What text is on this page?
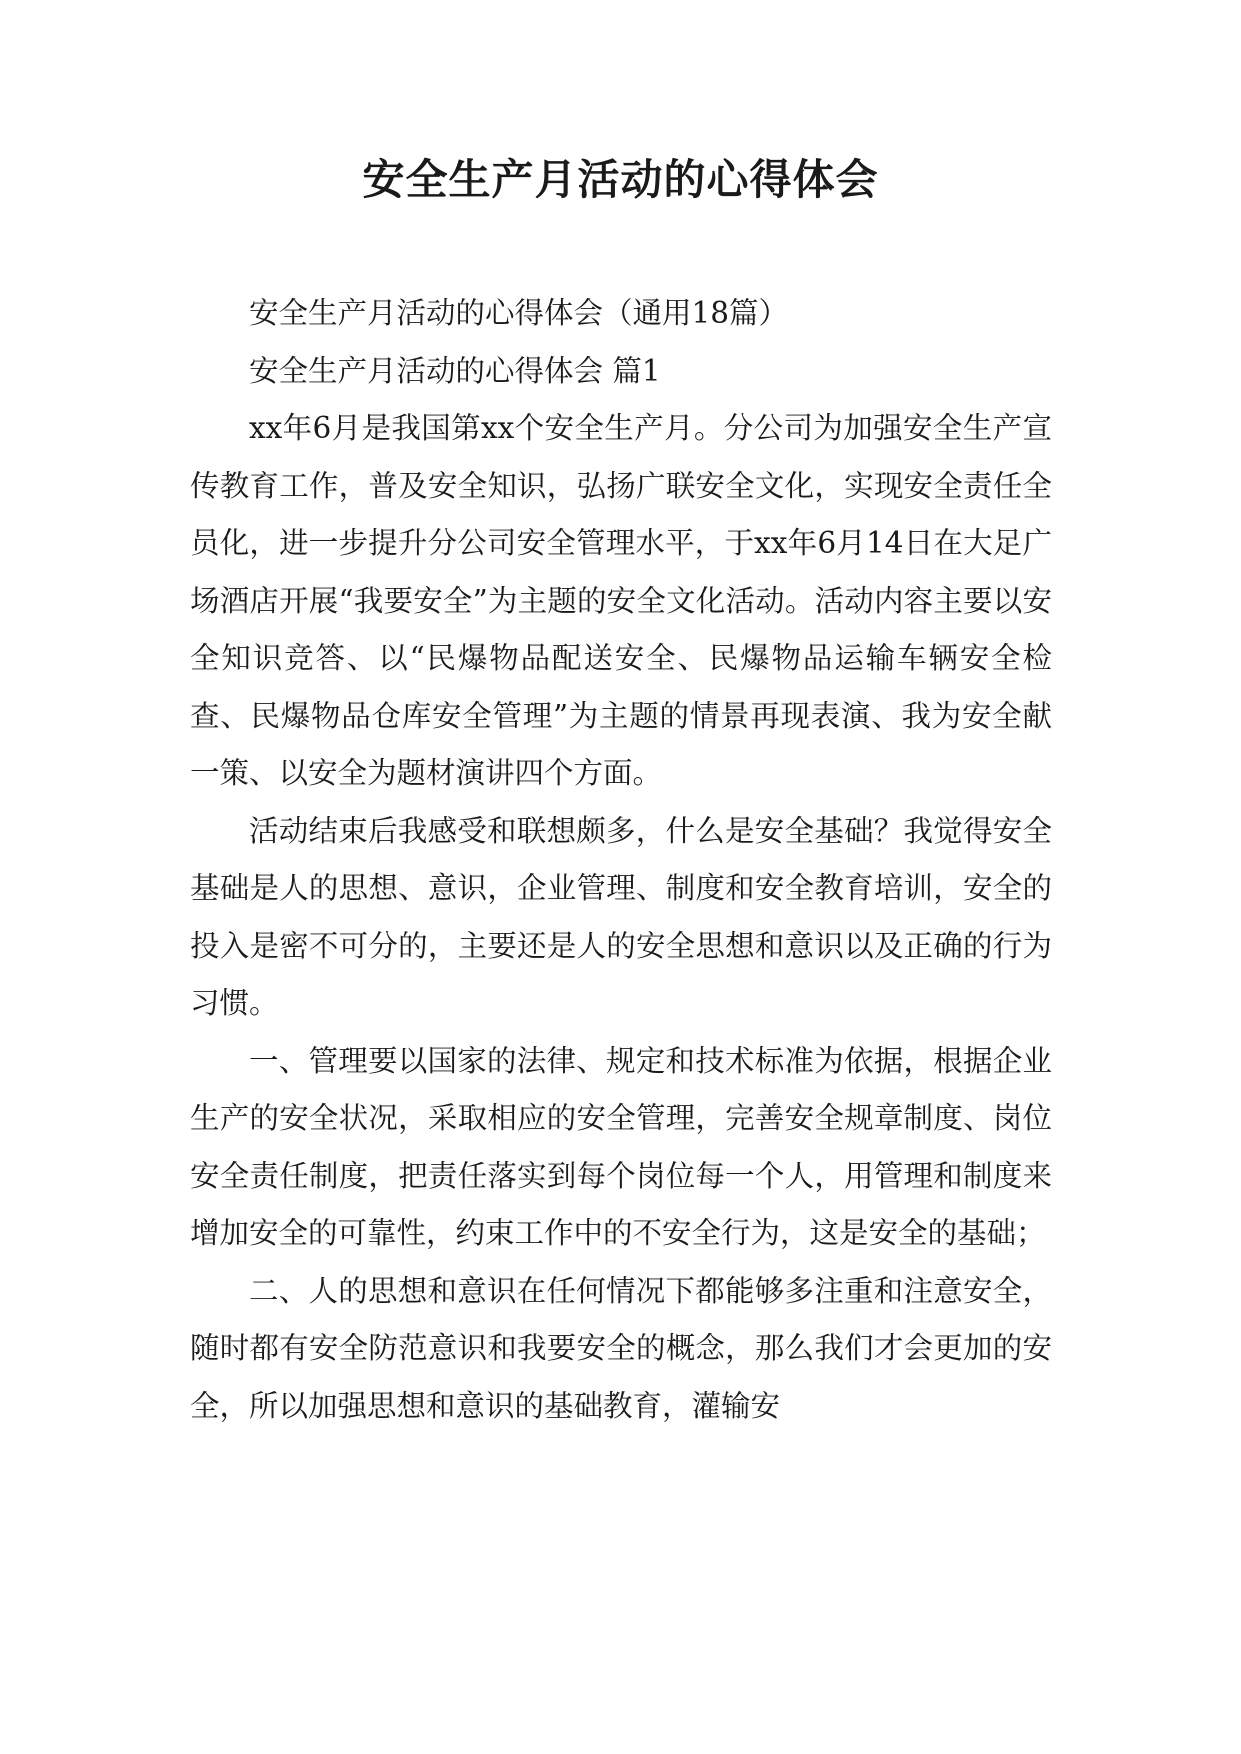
安全生产月活动的心得体会

安全生产月活动的心得体会（通用18篇）

安全生产月活动的心得体会 篇1

xx年6月是我国第xx个安全生产月。分公司为加强安全生产宣传教育工作，普及安全知识，弘扬广联安全文化，实现安全责任全员化，进一步提升分公司安全管理水平，于xx年6月14日在大足广场酒店开展“我要安全”为主题的安全文化活动。活动内容主要以安全知识竞答、以“民爆物品配送安全、民爆物品运输车辆安全检查、民爆物品仓库安全管理”为主题的情景再现表演、我为安全献一策、以安全为题材演讲四个方面。

活动结束后我感受和联想颇多，什么是安全基础？我觉得安全基础是人的思想、意识，企业管理、制度和安全教育培训，安全的投入是密不可分的，主要还是人的安全思想和意识以及正确的行为习惯。

一、管理要以国家的法律、规定和技术标准为依据，根据企业生产的安全状况，采取相应的安全管理，完善安全规章制度、岗位安全责任制度，把责任落实到每个岗位每一个人，用管理和制度来增加安全的可靠性，约束工作中的不安全行为，这是安全的基础；

二、人的思想和意识在任何情况下都能够多注重和注意安全，随时都有安全防范意识和我要安全的概念，那么我们才会更加的安全，所以加强思想和意识的基础教育，灌输安
